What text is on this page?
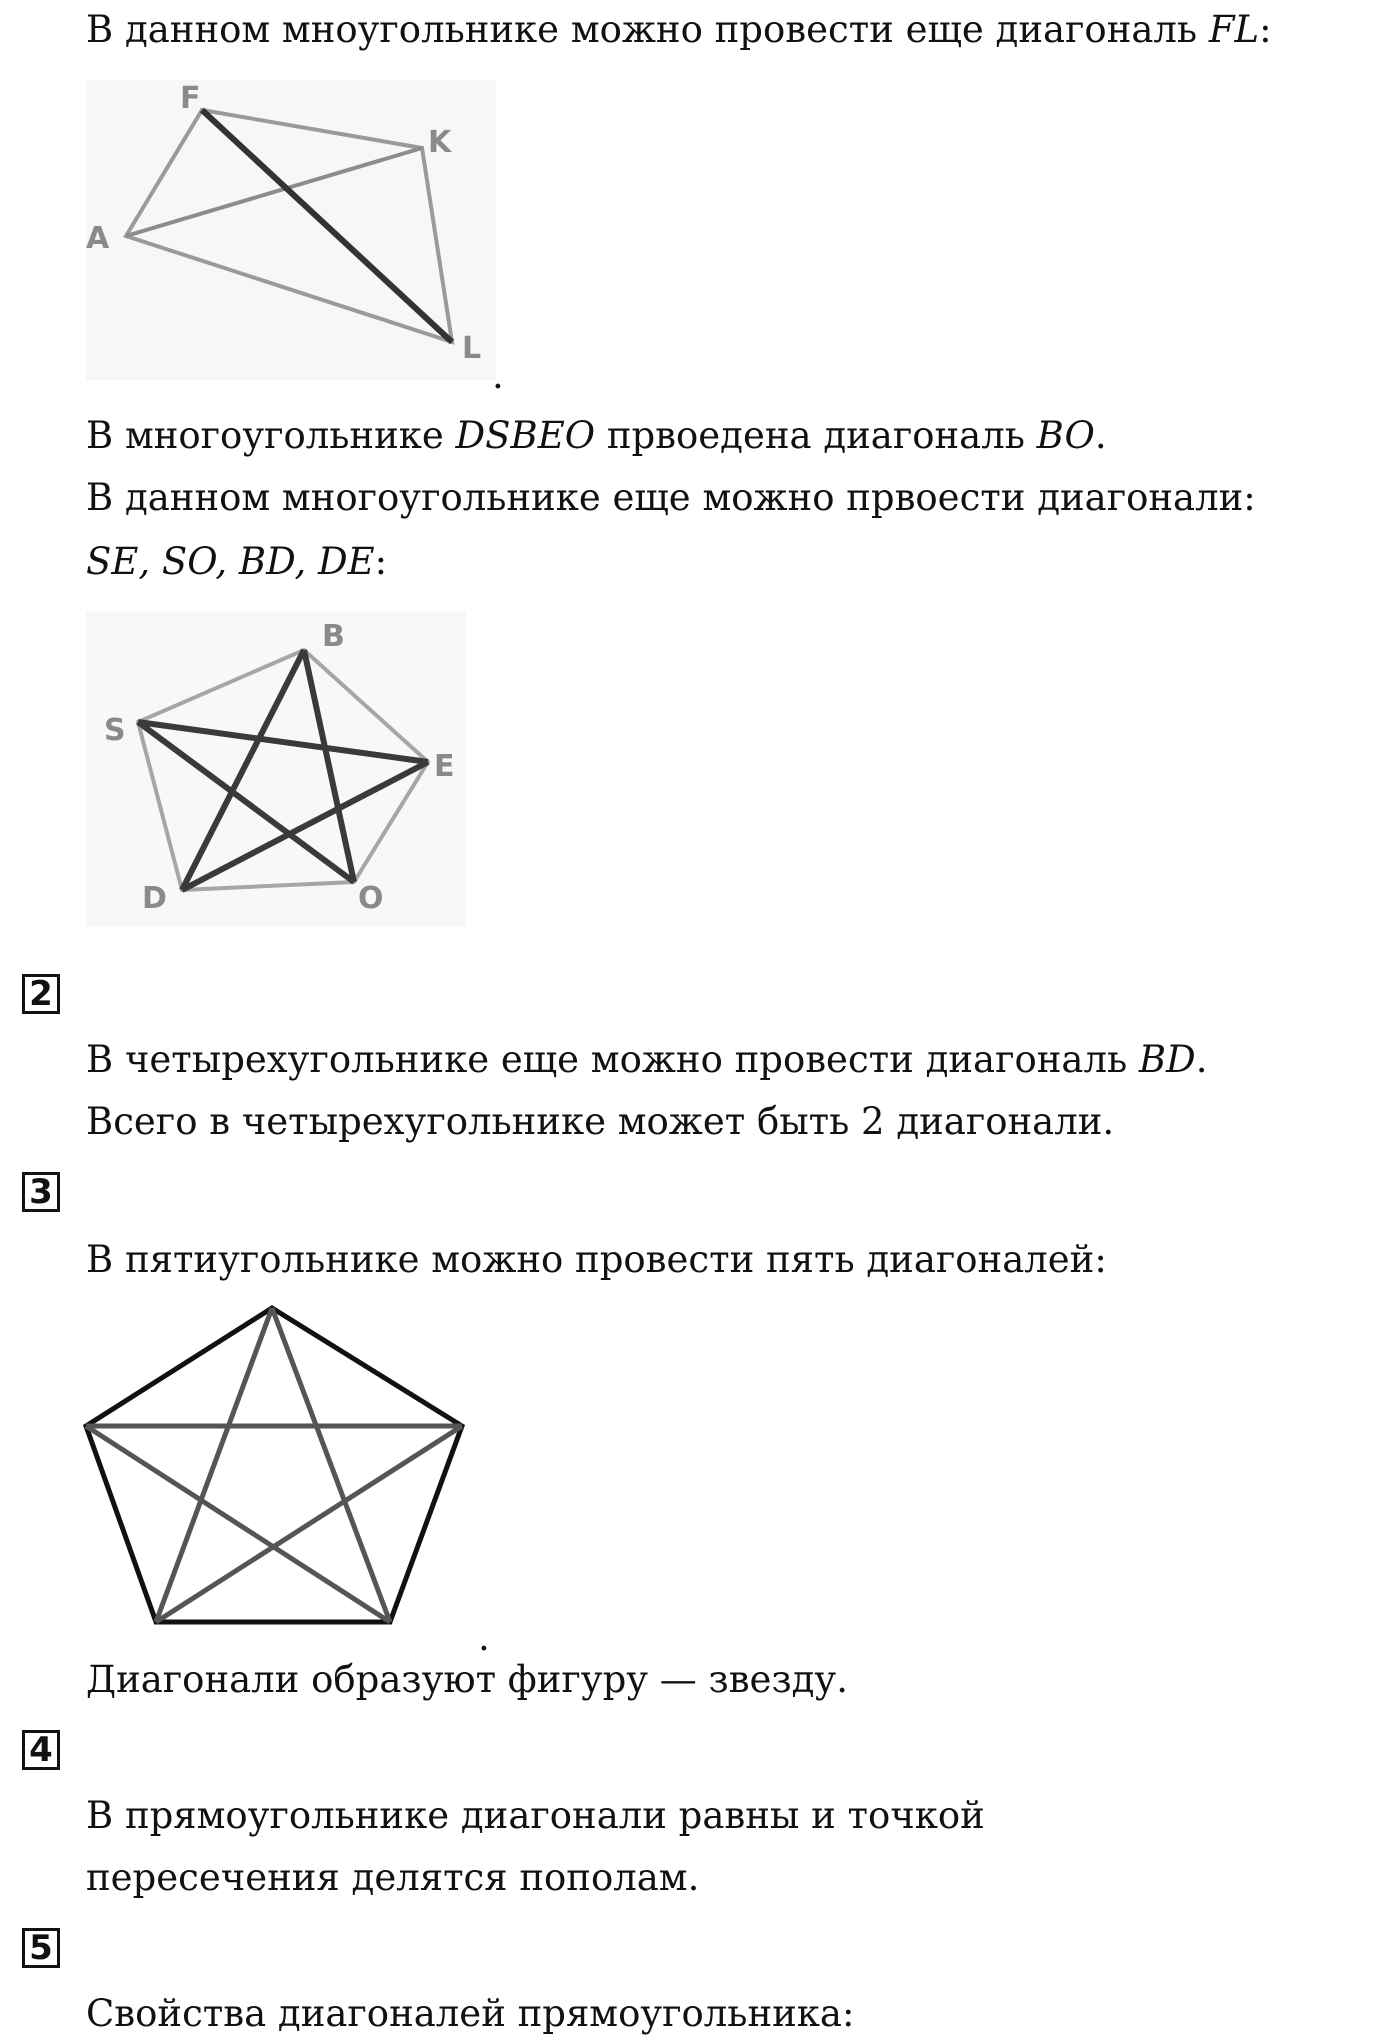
В данном мноугольнике можно провести еще диагональ FL:

F
K
A
L
.

В многоугольнике DSBEO првоедена диагональ BO.

В данном многоугольнике еще можно првоести диагонали:

SE, SO, BD, DE:

B
S
E
D	O
2

В четырехугольнике еще можно провести диагональ BD.

Всего в четырехугольнике может быть 2 диагонали.

3

В пятиугольнике можно провести пять диагоналей:

.

Диагонали образуют фигуру — звезду.

4

В прямоугольнике диагонали равны и точкой

пересечения делятся пополам.

5

Свойства диагоналей прямоугольника:
